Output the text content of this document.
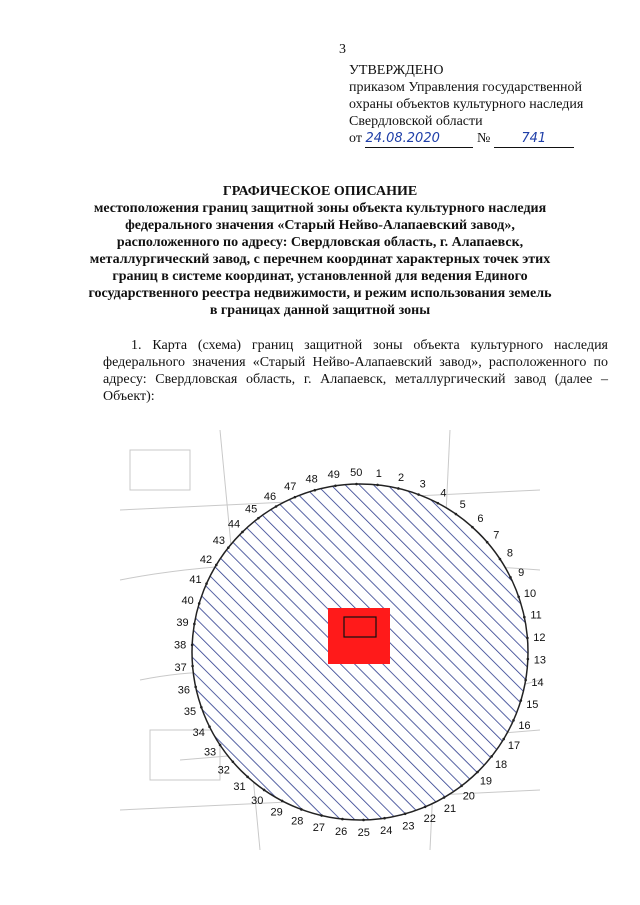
3
УТВЕРЖДЕНО
приказом Управления государственной
охраны объектов культурного наследия
Свердловской области
от 24.08.2020	№ 741
ГРАФИЧЕСКОЕ ОПИСАНИЕ
местоположения границ защитной зоны объекта культурного наследия
федерального значения «Старый Нейво-Алапаевский завод»,
расположенного по адресу: Свердловская область, г. Алапаевск,
металлургический завод, с перечнем координат характерных точек этих
границ в системе координат, установленной для ведения Единого
государственного реестра недвижимости, и режим использования земель
в границах данной защитной зоны
1. Карта (схема) границ защитной зоны объекта культурного наследия федерального значения «Старый Нейво-Алапаевский завод», расположенного по адресу: Свердловская область, г. Алапаевск, металлургический завод (далее – Объект):
1 2
3
4
5
6
7
8
9
10
11
12
13
14
15
16
17
18
19
20
21
22
23
24
25
26
27
28
29
30
31
32
33
34
35
36
37
38
39
40
41
42
43
44
45
46
47
48 49 50
